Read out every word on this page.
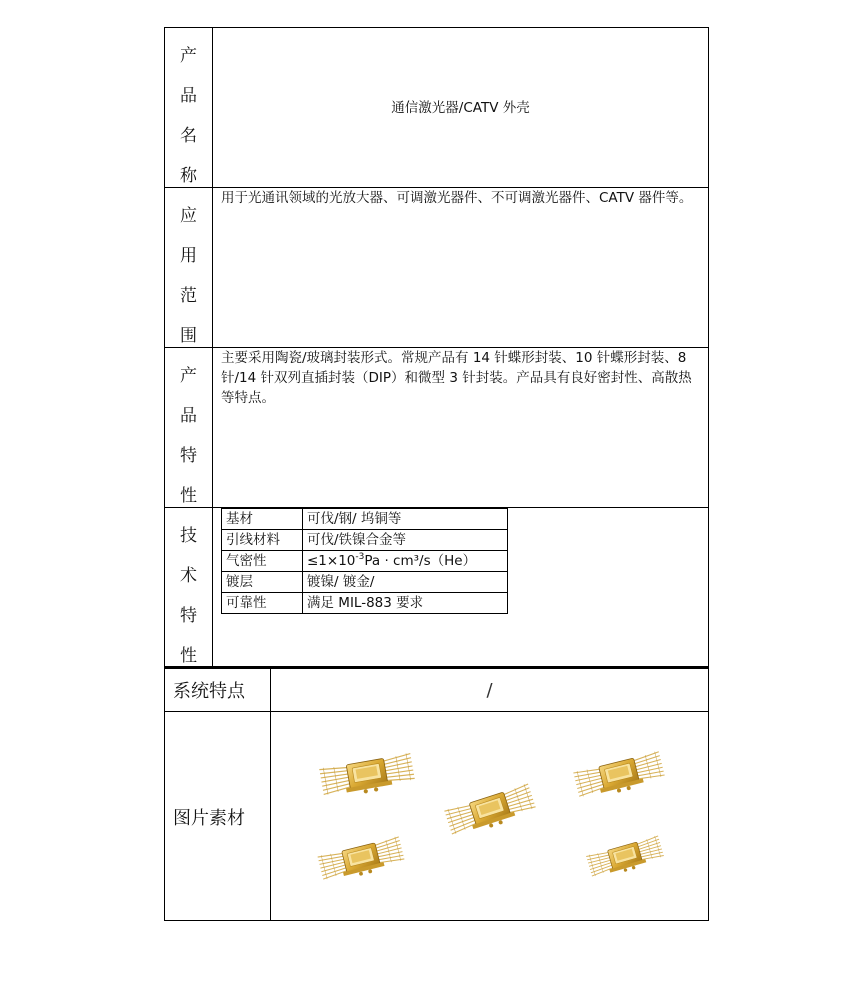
产
品
名
称
通信激光器/CATV 外壳
应
用
范
围
用于光通讯领域的光放大器、可调激光器件、不可调激光器件、CATV 器件等。
产
品
特
性
主要采用陶瓷/玻璃封装形式。常规产品有 14 针蝶形封装、10 针蝶形封装、8 针/14 针双列直插封装（DIP）和微型 3 针封装。产品具有良好密封性、高散热等特点。
技
术
特
性
基材	可伐/钢/ 坞铜等
引线材料	可伐/铁镍合金等
气密性	$\le 1\times 10^{-3}Pa \cdot cm^3/s(He)$
镀层	镀镍/ 镀金/
可靠性	满足 MIL-883 要求
系统特点	/
图片素材
